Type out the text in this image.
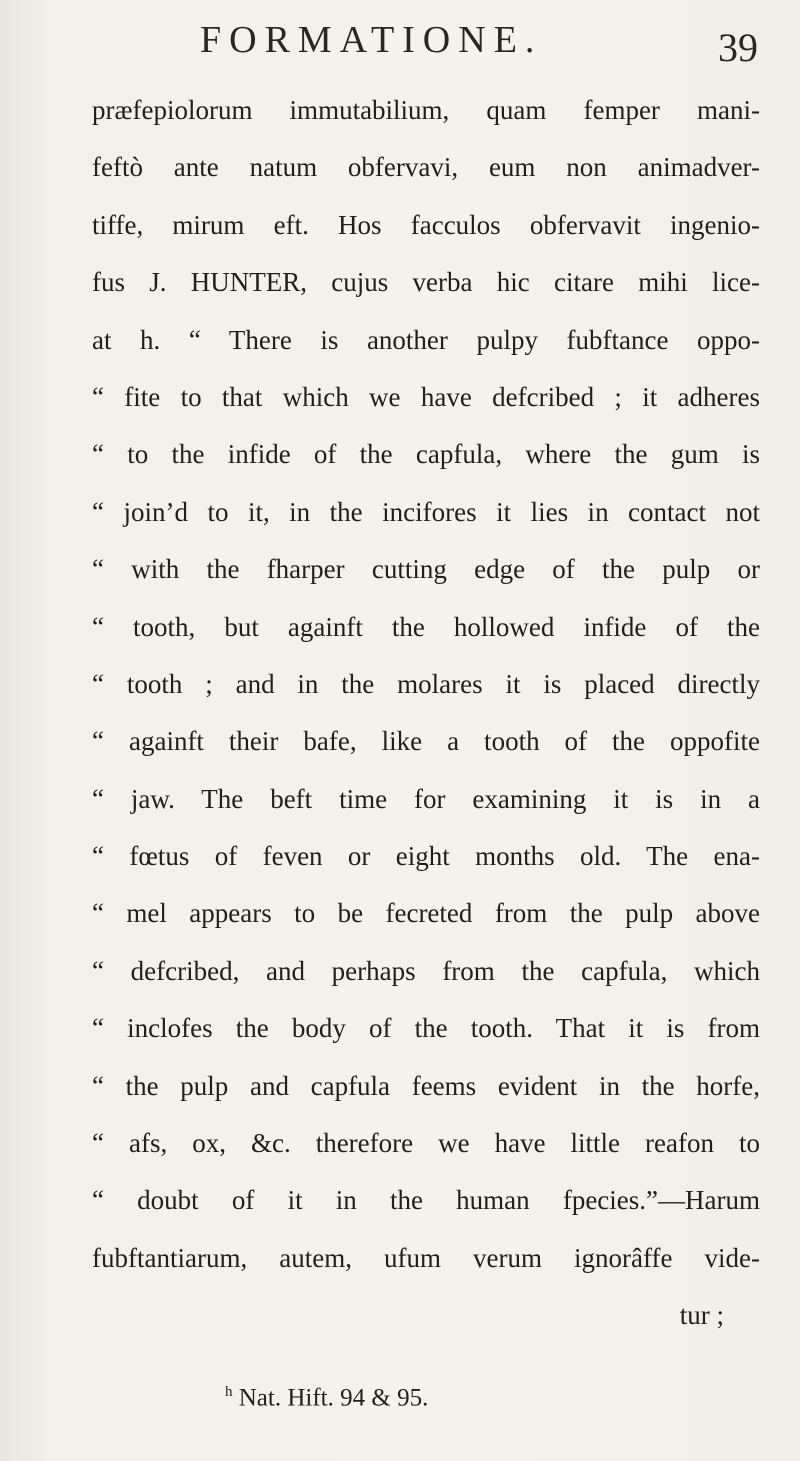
FORMATIONE.	39
præfepiolorum immutabilium, quam femper mani-
feftò ante natum obfervavi, eum non animadver-
tiffe, mirum eft. Hos facculos obfervavit ingenio-
fus J. HUNTER, cujus verba hic citare mihi lice-
at h. “ There is another pulpy fubftance oppo-
“ fite to that which we have defcribed ; it adheres
“ to the infide of the capfula, where the gum is
“ join’d to it, in the incifores it lies in contact not
“ with the fharper cutting edge of the pulp or
“ tooth, but againft the hollowed infide of the
“ tooth ; and in the molares it is placed directly
“ againft their bafe, like a tooth of the oppofite
“ jaw. The beft time for examining it is in a
“ fœtus of feven or eight months old. The ena-
“ mel appears to be fecreted from the pulp above
“ defcribed, and perhaps from the capfula, which
“ inclofes the body of the tooth. That it is from
“ the pulp and capfula feems evident in the horfe,
“ afs, ox, &c. therefore we have little reafon to
“ doubt of it in the human fpecies.”—Harum
fubftantiarum, autem, ufum verum ignorâffe vide-
tur ;
$^h$ Nat. Hift. 94 & 95.
